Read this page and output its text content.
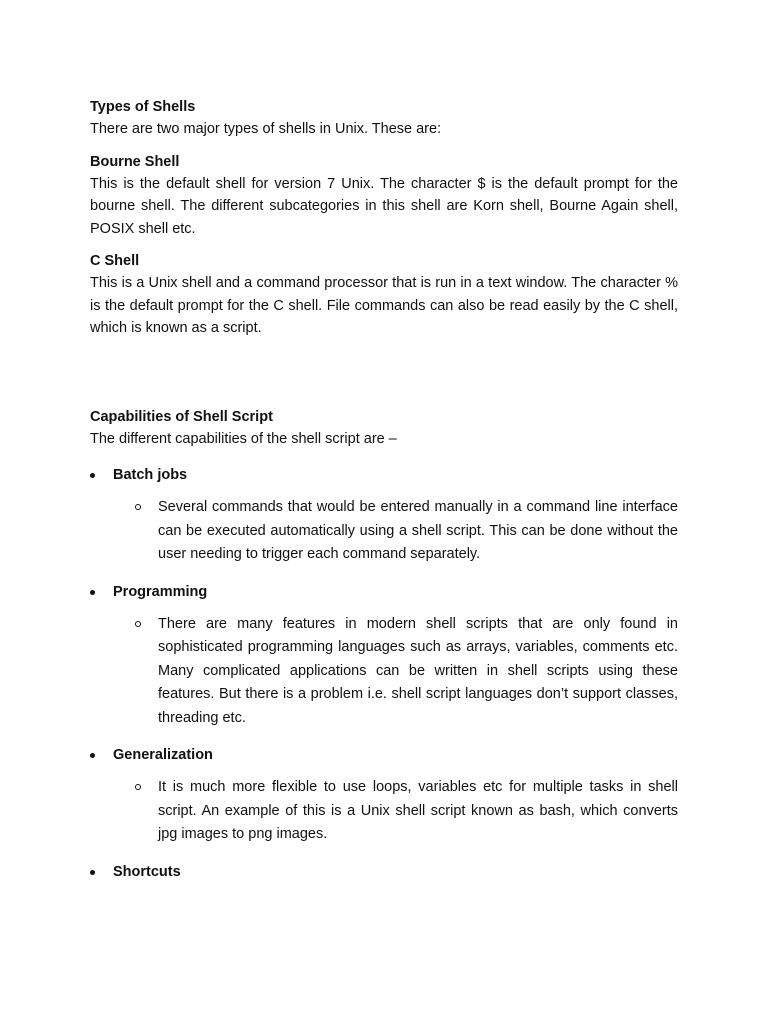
Types of Shells

There are two major types of shells in Unix. These are:

Bourne Shell

This is the default shell for version 7 Unix. The character $ is the default prompt for the bourne shell. The different subcategories in this shell are Korn shell, Bourne Again shell, POSIX shell etc.

C Shell

This is a Unix shell and a command processor that is run in a text window. The character % is the default prompt for the C shell. File commands can also be read easily by the C shell, which is known as a script.

Capabilities of Shell Script

The different capabilities of the shell script are –

Batch jobs
Several commands that would be entered manually in a command line interface can be executed automatically using a shell script. This can be done without the user needing to trigger each command separately.
Programming
There are many features in modern shell scripts that are only found in sophisticated programming languages such as arrays, variables, comments etc. Many complicated applications can be written in shell scripts using these features. But there is a problem i.e. shell script languages don’t support classes, threading etc.
Generalization
It is much more flexible to use loops, variables etc for multiple tasks in shell script. An example of this is a Unix shell script known as bash, which converts jpg images to png images.
Shortcuts
